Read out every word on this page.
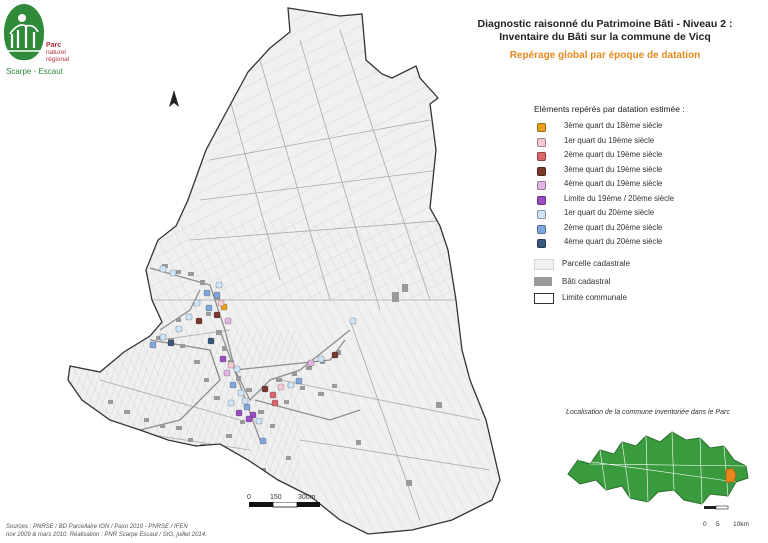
Parc
naturel
régional
Scarpe - Escaut
Diagnostic raisonné du Patrimoine Bâti - Niveau 2 :
Inventaire du Bâti sur la commune de Vicq
Repérage global par époque de datation
Eléments repérés par datation estimée :
3ème quart du 18ème siècle
1er quart du 19ème siècle
2ème quart du 19ème siècle
3ème quart du 19ème siècle
4ème quart du 19ème siècle
Limite du 19ème / 20ème siècle
1er quart du 20ème siècle
2ème quart du 20ème siècle
4ème quart du 20ème siècle
Parcelle cadastrale
Bâti cadastral
Limite communale
Localisation de la commune inventoriée dans le Parc
0 5 10km
0	150 300m
Sources : PNRSE / BD Parcellaire IGN / Paxo 2010 - PNRSE / IFEN
nov 2009 & mars 2010. Réalisation : PNR Scarpe Escaut / SIG, juillet 2014.
